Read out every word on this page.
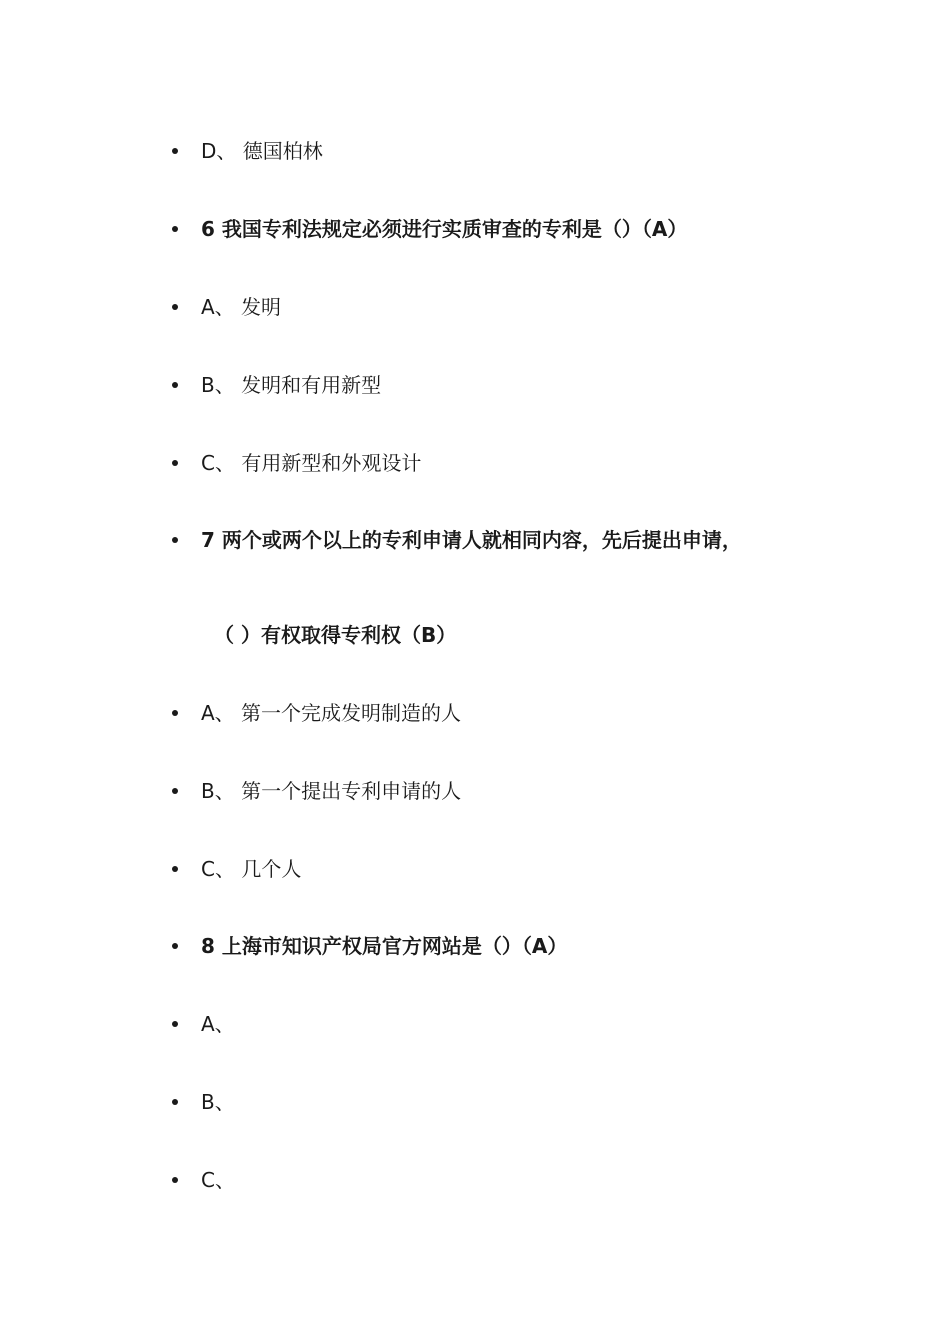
D、 德国柏林
6 我国专利法规定必须进行实质审查的专利是（）（A）
A、 发明
B、 发明和有用新型
C、 有用新型和外观设计
7 两个或两个以上的专利申请人就相同内容，先后提出申请，
（ ）有权取得专利权（B）
A、 第一个完成发明制造的人
B、 第一个提出专利申请的人
C、 几个人
8 上海市知识产权局官方网站是（）（A）
A、
B、
C、
